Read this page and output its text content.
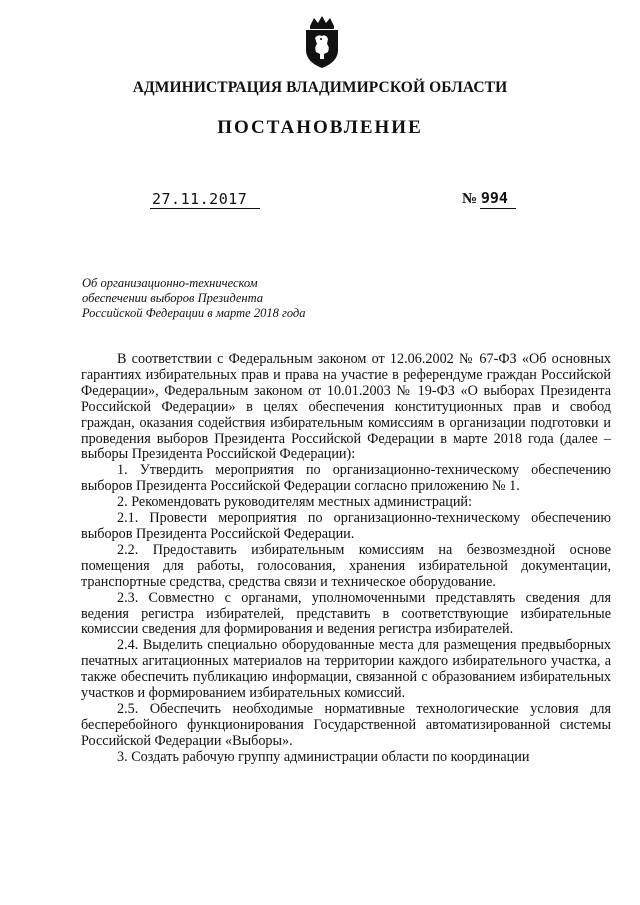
АДМИНИСТРАЦИЯ ВЛАДИМИРСКОЙ ОБЛАСТИ
ПОСТАНОВЛЕНИЕ
27.11.2017	№ 994
Об организационно-техническом
обеспечении выборов Президента
Российской Федерации в марте 2018 года

В соответствии с Федеральным законом от 12.06.2002 № 67-ФЗ «Об основных гарантиях избирательных прав и права на участие в референдуме граждан Российской Федерации», Федеральным законом от 10.01.2003 № 19-ФЗ «О выборах Президента Российской Федерации» в целях обеспечения конституционных прав и свобод граждан, оказания содействия избирательным комиссиям в организации подготовки и проведения выборов Президента Российской Федерации в марте 2018 года (далее – выборы Президента Российской Федерации):

1. Утвердить мероприятия по организационно-техническому обеспечению выборов Президента Российской Федерации согласно приложению № 1.

2. Рекомендовать руководителям местных администраций:

2.1. Провести мероприятия по организационно-техническому обеспечению выборов Президента Российской Федерации.

2.2. Предоставить избирательным комиссиям на безвозмездной основе помещения для работы, голосования, хранения избирательной документации, транспортные средства, средства связи и техническое оборудование.

2.3. Совместно с органами, уполномоченными представлять сведения для ведения регистра избирателей, представить в соответствующие избирательные комиссии сведения для формирования и ведения регистра избирателей.

2.4. Выделить специально оборудованные места для размещения предвыборных печатных агитационных материалов на территории каждого избирательного участка, а также обеспечить публикацию информации, связанной с образованием избирательных участков и формированием избирательных комиссий.

2.5. Обеспечить необходимые нормативные технологические условия для бесперебойного функционирования Государственной автоматизированной системы Российской Федерации «Выборы».

3. Создать рабочую группу администрации области по координации
